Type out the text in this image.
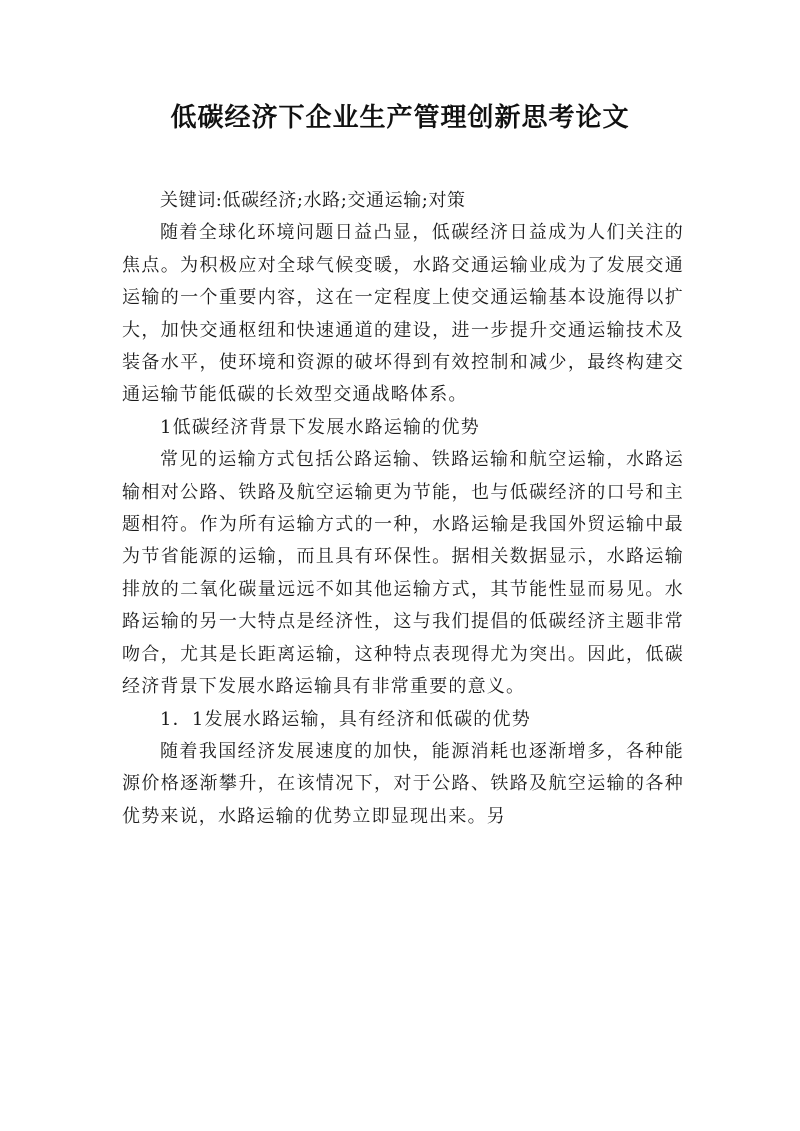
低碳经济下企业生产管理创新思考论文

关键词:低碳经济;水路;交通运输;对策

随着全球化环境问题日益凸显，低碳经济日益成为人们关注的焦点。为积极应对全球气候变暖，水路交通运输业成为了发展交通运输的一个重要内容，这在一定程度上使交通运输基本设施得以扩大，加快交通枢纽和快速通道的建设，进一步提升交通运输技术及装备水平，使环境和资源的破坏得到有效控制和减少，最终构建交通运输节能低碳的长效型交通战略体系。

1低碳经济背景下发展水路运输的优势

常见的运输方式包括公路运输、铁路运输和航空运输，水路运输相对公路、铁路及航空运输更为节能，也与低碳经济的口号和主题相符。作为所有运输方式的一种，水路运输是我国外贸运输中最为节省能源的运输，而且具有环保性。据相关数据显示，水路运输排放的二氧化碳量远远不如其他运输方式，其节能性显而易见。水路运输的另一大特点是经济性，这与我们提倡的低碳经济主题非常吻合，尤其是长距离运输，这种特点表现得尤为突出。因此，低碳经济背景下发展水路运输具有非常重要的意义。

1．1发展水路运输，具有经济和低碳的优势

随着我国经济发展速度的加快，能源消耗也逐渐增多，各种能源价格逐渐攀升，在该情况下，对于公路、铁路及航空运输的各种优势来说，水路运输的优势立即显现出来。另
